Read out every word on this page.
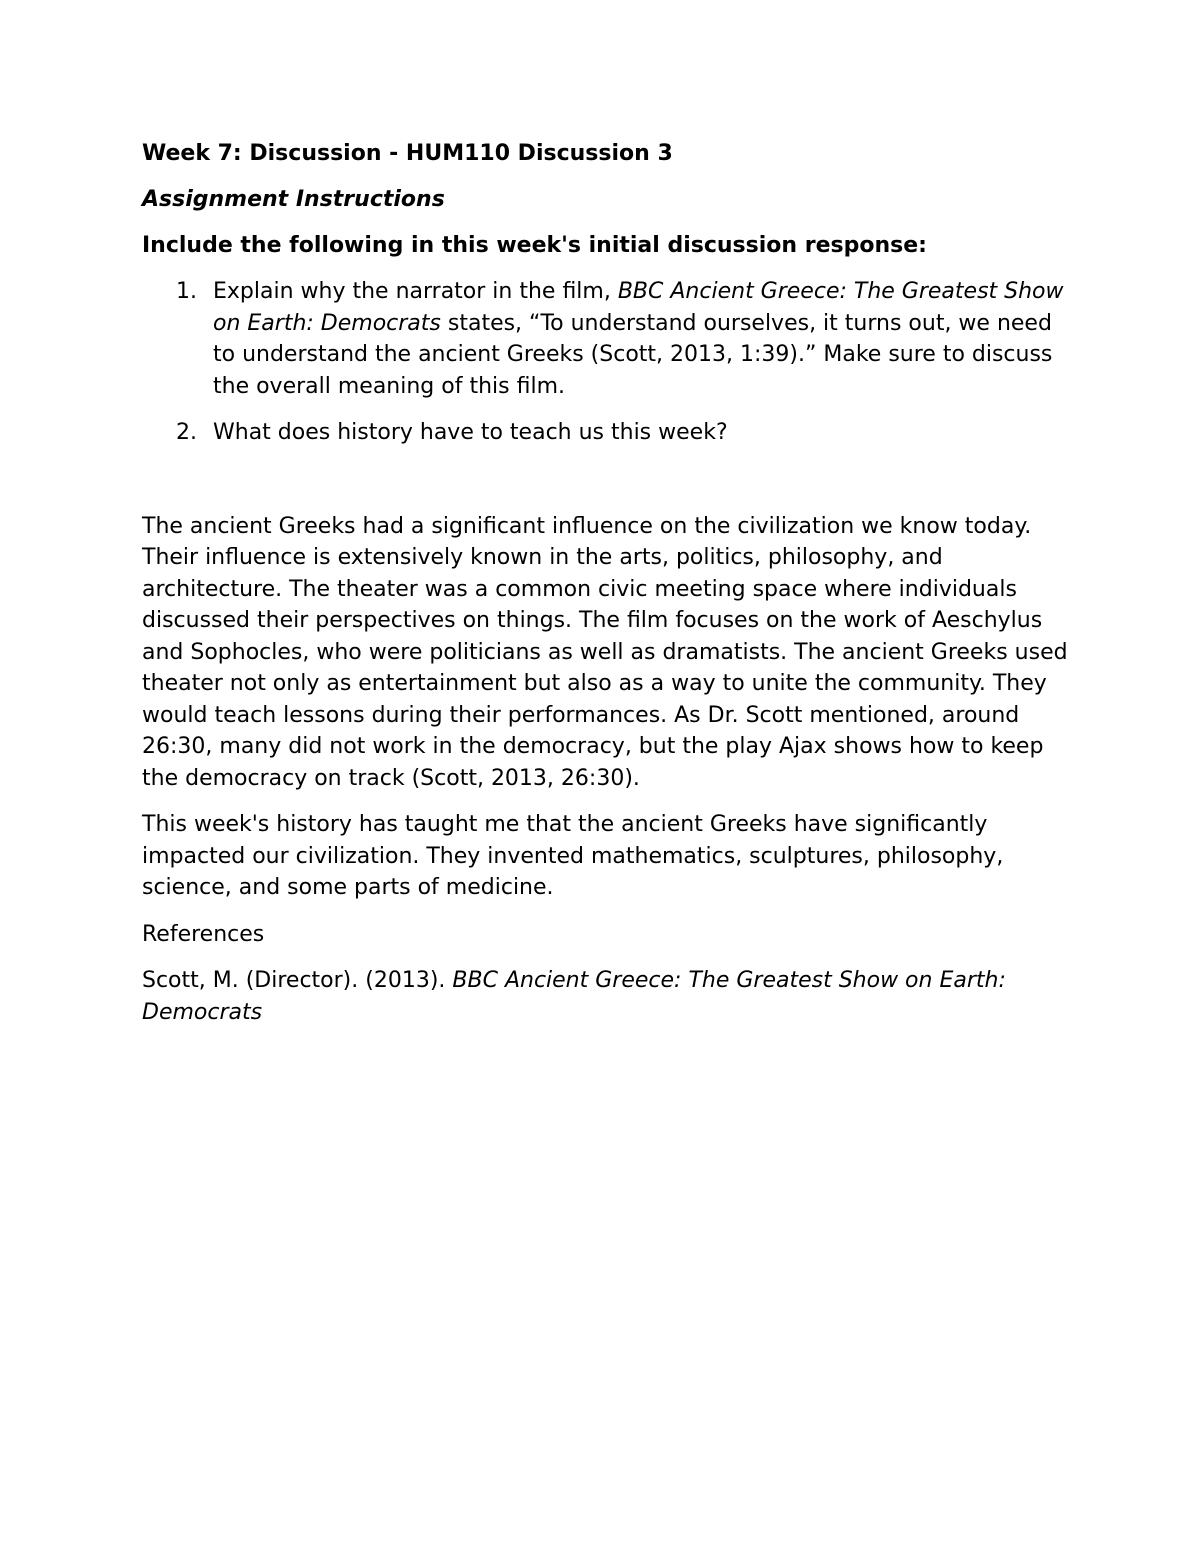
Week 7: Discussion - HUM110 Discussion 3
Assignment Instructions
Include the following in this week's initial discussion response:
1. Explain why the narrator in the film, BBC Ancient Greece: The Greatest Show on Earth: Democrats states, “To understand ourselves, it turns out, we need to understand the ancient Greeks (Scott, 2013, 1:39).” Make sure to discuss the overall meaning of this film.
2. What does history have to teach us this week?

The ancient Greeks had a significant influence on the civilization we know today. Their influence is extensively known in the arts, politics, philosophy, and architecture. The theater was a common civic meeting space where individuals discussed their perspectives on things. The film focuses on the work of Aeschylus and Sophocles, who were politicians as well as dramatists. The ancient Greeks used theater not only as entertainment but also as a way to unite the community. They would teach lessons during their performances. As Dr. Scott mentioned, around 26:30, many did not work in the democracy, but the play Ajax shows how to keep the democracy on track (Scott, 2013, 26:30).

This week's history has taught me that the ancient Greeks have significantly impacted our civilization. They invented mathematics, sculptures, philosophy, science, and some parts of medicine.

References

Scott, M. (Director). (2013). BBC Ancient Greece: The Greatest Show on Earth: Democrats
